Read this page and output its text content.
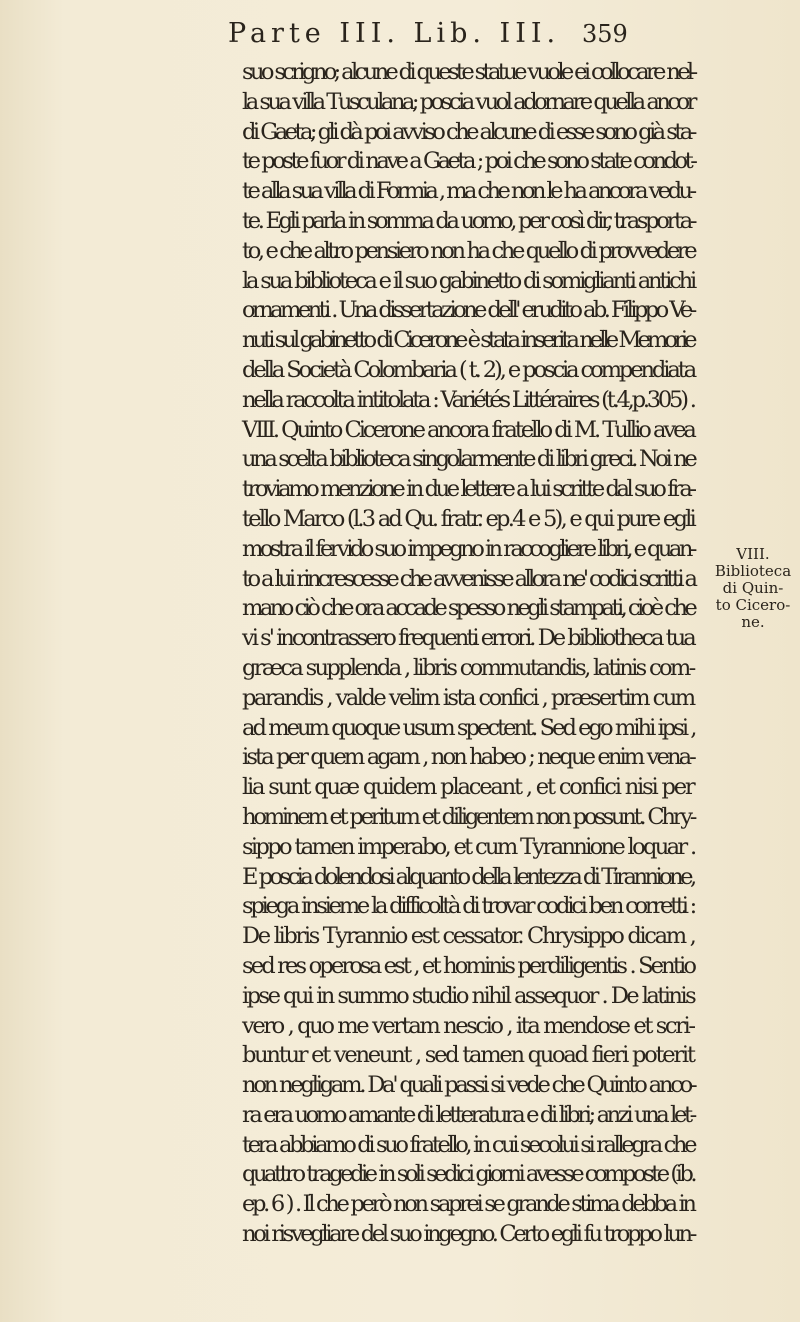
Parte III. Lib. III. 359
suo scrigno; alcune di queste statue vuole ei collocare nel-
la sua villa Tusculana; poscia vuol adornare quella ancor
di Gaeta; gli dà poi avviso che alcune di esse sono già sta-
te poste fuor di nave a Gaeta ; poi che sono state condot-
te alla sua villa di Formia , ma che non le ha ancora vedu-
te. Egli parla in somma da uomo, per così dir, trasporta-
to, e che altro pensiero non ha che quello di provvedere
la sua biblioteca e il suo gabinetto di somiglianti antichi
ornamenti . Una dissertazione dell' erudito ab. Filippo Ve-
nuti sul gabinetto di Cicerone è stata inserita nelle Memorie
della Società Colombaria ( t. 2), e poscia compendiata
nella raccolta intitolata : Variétés Littéraires (t.4,p.305) .
VIII. Quinto Cicerone ancora fratello di M. Tullio avea
una scelta biblioteca singolarmente di libri greci. Noi ne
troviamo menzione in due lettere a lui scritte dal suo fra-
tello Marco (l.3 ad Qu. fratr. ep.4 e 5), e qui pure egli
mostra il fervido suo impegno in raccogliere libri, e quan-
to a lui rincrescesse che avvenisse allora ne' codici scritti a
mano ciò che ora accade spesso negli stampati, cioè che
vi s' incontrassero frequenti errori. De bibliotheca tua
græca supplenda , libris commutandis, latinis com-
parandis , valde velim ista confici , præsertim cum
ad meum quoque usum spectent. Sed ego mihi ipsi ,
ista per quem agam , non habeo ; neque enim vena-
lia sunt quæ quidem placeant , et confici nisi per
hominem et peritum et diligentem non possunt. Chry-
sippo tamen imperabo, et cum Tyrannione loquar .
E poscia dolendosi alquanto della lentezza di Tirannione,
spiega insieme la difficoltà di trovar codici ben corretti :
De libris Tyrannio est cessator. Chrysippo dicam ,
sed res operosa est , et hominis perdiligentis . Sentio
ipse qui in summo studio nihil assequor . De latinis
vero , quo me vertam nescio , ita mendose et scri-
buntur et veneunt , sed tamen quoad fieri poterit
non negligam. Da' quali passi si vede che Quinto anco-
ra era uomo amante di letteratura e di libri; anzi una let-
tera abbiamo di suo fratello, in cui secolui si rallegra che
quattro tragedie in soli sedici giorni avesse composte (ib.
ep. 6 ) . Il che però non saprei se grande stima debba in
noi risvegliare del suo ingegno. Certo egli fu troppo lun-
VIII.
Biblioteca
di Quin-
to Cicero-
ne.
